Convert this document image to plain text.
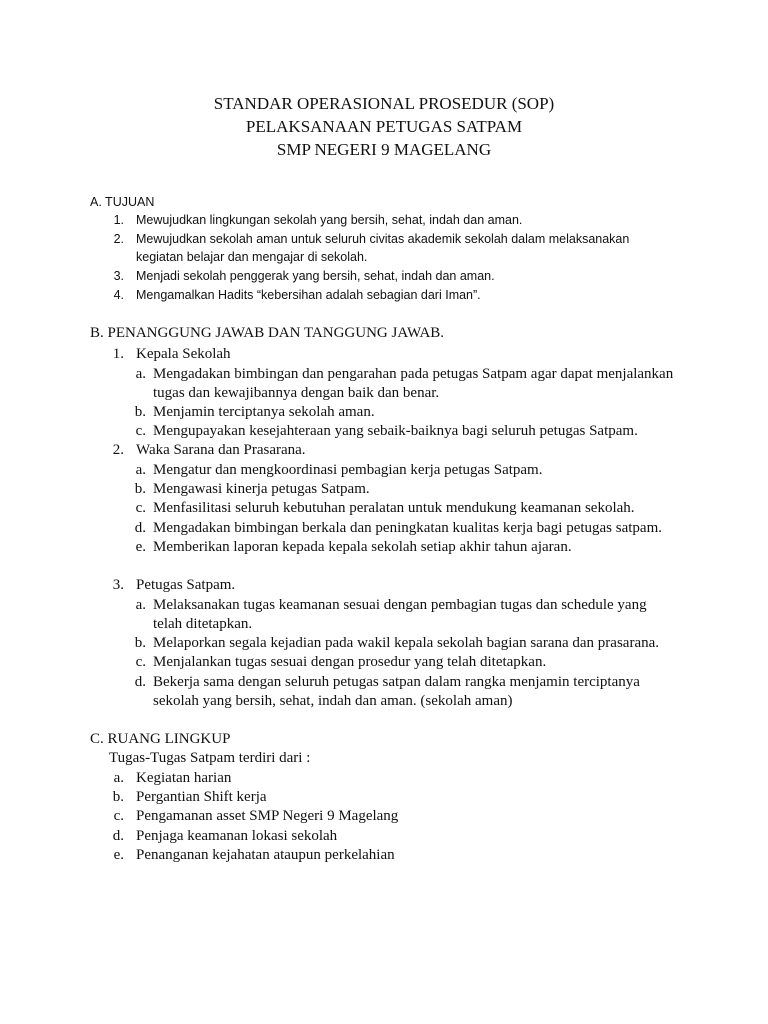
STANDAR OPERASIONAL PROSEDUR (SOP)
PELAKSANAAN PETUGAS SATPAM
SMP NEGERI 9 MAGELANG
A. TUJUAN
1. Mewujudkan lingkungan sekolah yang bersih, sehat, indah dan aman.
2. Mewujudkan sekolah aman untuk seluruh civitas akademik sekolah dalam melaksanakan
kegiatan belajar dan mengajar di sekolah.
3. Menjadi sekolah penggerak yang bersih, sehat, indah dan aman.
4. Mengamalkan Hadits “kebersihan adalah sebagian dari Iman”.
B. PENANGGUNG JAWAB DAN TANGGUNG JAWAB.
1. Kepala Sekolah
a. Mengadakan bimbingan dan pengarahan pada petugas Satpam agar dapat menjalankan
tugas dan kewajibannya dengan baik dan benar.
b. Menjamin terciptanya sekolah aman.
c. Mengupayakan kesejahteraan yang sebaik-baiknya bagi seluruh petugas Satpam.
2. Waka Sarana dan Prasarana.
a. Mengatur dan mengkoordinasi pembagian kerja petugas Satpam.
b. Mengawasi kinerja petugas Satpam.
c. Menfasilitasi seluruh kebutuhan peralatan untuk mendukung keamanan sekolah.
d. Mengadakan bimbingan berkala dan peningkatan kualitas kerja bagi petugas satpam.
e. Memberikan laporan kepada kepala sekolah setiap akhir tahun ajaran.
3. Petugas Satpam.
a. Melaksanakan tugas keamanan sesuai dengan pembagian tugas dan schedule yang
telah ditetapkan.
b. Melaporkan segala kejadian pada wakil kepala sekolah bagian sarana dan prasarana.
c. Menjalankan tugas sesuai dengan prosedur yang telah ditetapkan.
d. Bekerja sama dengan seluruh petugas satpan dalam rangka menjamin terciptanya
sekolah yang bersih, sehat, indah dan aman. (sekolah aman)
C. RUANG LINGKUP
Tugas-Tugas Satpam terdiri dari :
a. Kegiatan harian
b. Pergantian Shift kerja
c. Pengamanan asset SMP Negeri 9 Magelang
d. Penjaga keamanan lokasi sekolah
e. Penanganan kejahatan ataupun perkelahian
